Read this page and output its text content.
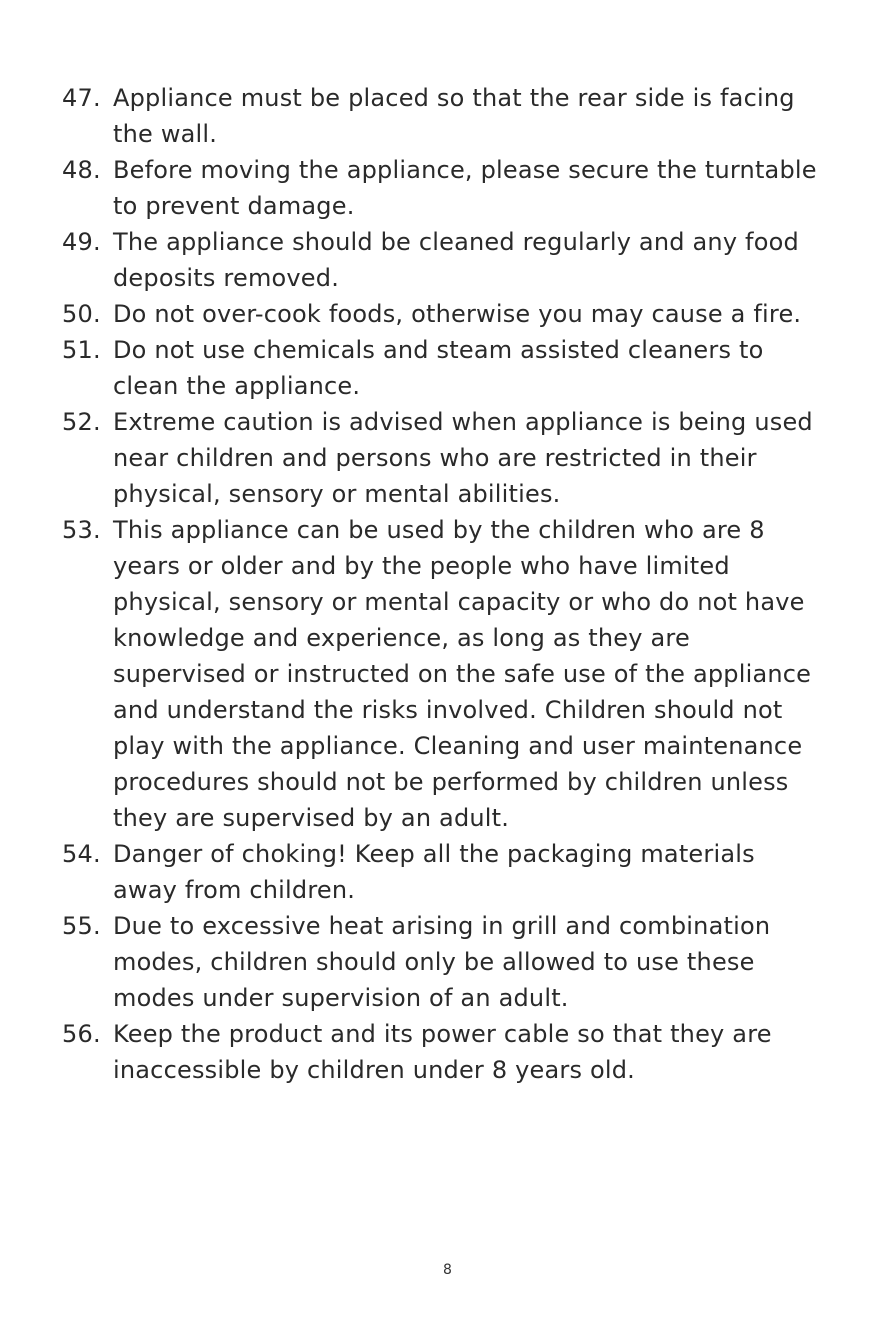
47. Appliance must be placed so that the rear side is facing
the wall.
48. Before moving the appliance, please secure the turntable
to prevent damage.
49. The appliance should be cleaned regularly and any food
deposits removed.
50. Do not over-cook foods, otherwise you may cause a fire.
51. Do not use chemicals and steam assisted cleaners to
clean the appliance.
52. Extreme caution is advised when appliance is being used
near children and persons who are restricted in their
physical, sensory or mental abilities.
53. This appliance can be used by the children who are 8
years or older and by the people who have limited
physical, sensory or mental capacity or who do not have
knowledge and experience, as long as they are
supervised or instructed on the safe use of the appliance
and understand the risks involved. Children should not
play with the appliance. Cleaning and user maintenance
procedures should not be performed by children unless
they are supervised by an adult.
54. Danger of choking! Keep all the packaging materials
away from children.
55. Due to excessive heat arising in grill and combination
modes, children should only be allowed to use these
modes under supervision of an adult.
56. Keep the product and its power cable so that they are
inaccessible by children under 8 years old.
8
